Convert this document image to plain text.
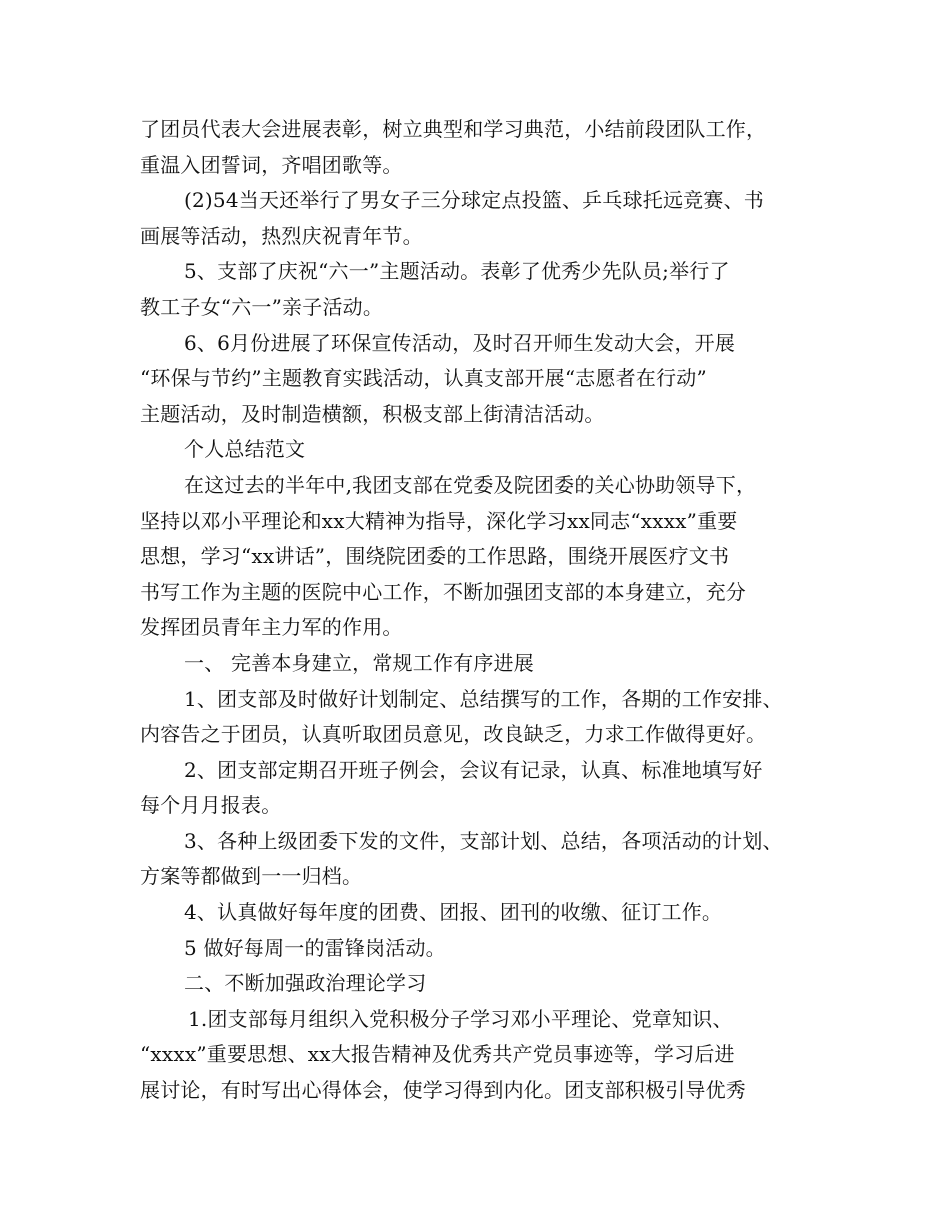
了团员代表大会进展表彰，树立典型和学习典范，小结前段团队工作，
重温入团誓词，齐唱团歌等。
(2)54当天还举行了男女子三分球定点投篮、乒乓球托远竞赛、书
画展等活动，热烈庆祝青年节。
5、支部了庆祝“六一”主题活动。表彰了优秀少先队员;举行了
教工子女“六一”亲子活动。
6、6月份进展了环保宣传活动，及时召开师生发动大会，开展
“环保与节约”主题教育实践活动，认真支部开展“志愿者在行动”
主题活动，及时制造横额，积极支部上街清洁活动。
个人总结范文
在这过去的半年中,我团支部在党委及院团委的关心协助领导下，
坚持以邓小平理论和xx大精神为指导，深化学习xx同志“xxxx”重要
思想，学习“xx讲话”，围绕院团委的工作思路，围绕开展医疗文书
书写工作为主题的医院中心工作，不断加强团支部的本身建立，充分
发挥团员青年主力军的作用。
一、 完善本身建立，常规工作有序进展
1、团支部及时做好计划制定、总结撰写的工作，各期的工作安排、
内容告之于团员，认真听取团员意见，改良缺乏，力求工作做得更好。
2、团支部定期召开班子例会，会议有记录，认真、标准地填写好
每个月月报表。
3、各种上级团委下发的文件，支部计划、总结，各项活动的计划、
方案等都做到一一归档。
4、认真做好每年度的团费、团报、团刊的收缴、征订工作。
5 做好每周一的雷锋岗活动。
二、不断加强政治理论学习
1.团支部每月组织入党积极分子学习邓小平理论、党章知识、
“xxxx”重要思想、xx大报告精神及优秀共产党员事迹等，学习后进
展讨论，有时写出心得体会，使学习得到内化。团支部积极引导优秀
